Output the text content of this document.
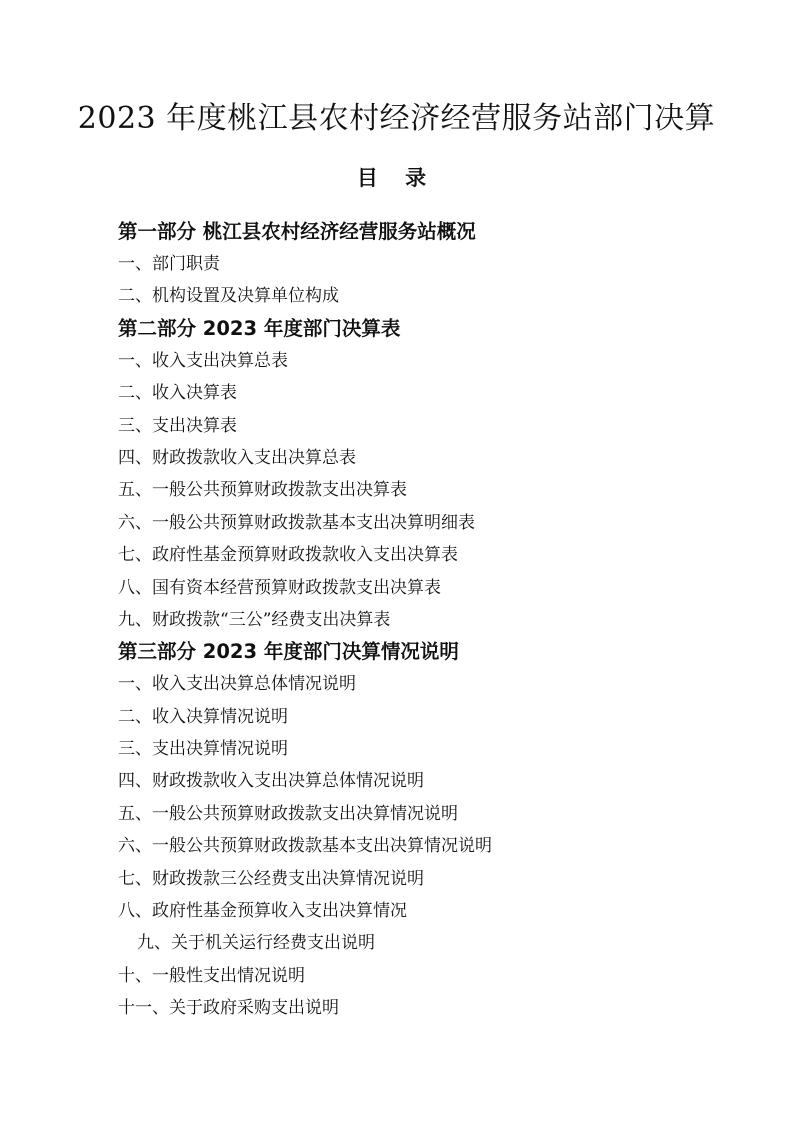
2023 年度桃江县农村经济经营服务站部门决算
目 录

第一部分 桃江县农村经济经营服务站概况

一、部门职责

二、机构设置及决算单位构成

第二部分 2023 年度部门决算表

一、收入支出决算总表

二、收入决算表

三、支出决算表

四、财政拨款收入支出决算总表

五、一般公共预算财政拨款支出决算表

六、一般公共预算财政拨款基本支出决算明细表

七、政府性基金预算财政拨款收入支出决算表

八、国有资本经营预算财政拨款支出决算表

九、财政拨款“三公”经费支出决算表

第三部分 2023 年度部门决算情况说明

一、收入支出决算总体情况说明

二、收入决算情况说明

三、支出决算情况说明

四、财政拨款收入支出决算总体情况说明

五、一般公共预算财政拨款支出决算情况说明

六、一般公共预算财政拨款基本支出决算情况说明

七、财政拨款三公经费支出决算情况说明

八、政府性基金预算收入支出决算情况

九、关于机关运行经费支出说明

十、一般性支出情况说明

十一、关于政府采购支出说明
